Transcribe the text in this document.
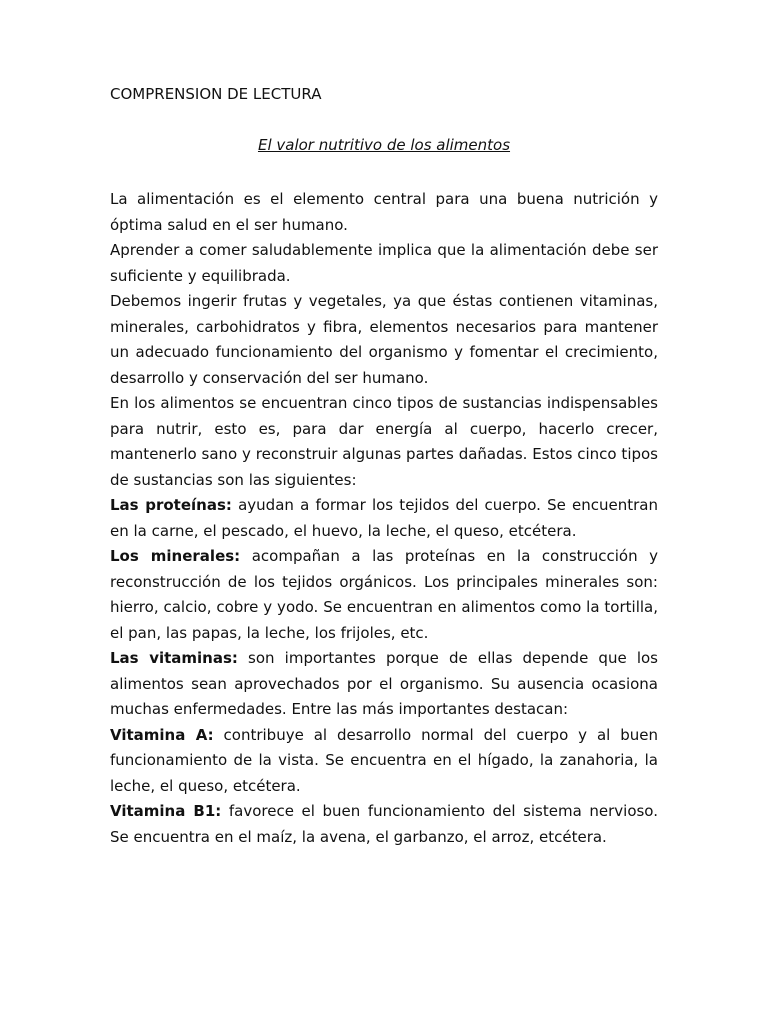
COMPRENSION DE LECTURA

El valor nutritivo de los alimentos

La alimentación es el elemento central para una buena nutrición y óptima salud en el ser humano.

Aprender a comer saludablemente implica que la alimentación debe ser suficiente y equilibrada.

Debemos ingerir frutas y vegetales, ya que éstas contienen vitaminas, minerales, carbohidratos y fibra, elementos necesarios para mantener un adecuado funcionamiento del organismo y fomentar el crecimiento, desarrollo y conservación del ser humano.

En los alimentos se encuentran cinco tipos de sustancias indispensables para nutrir, esto es, para dar energía al cuerpo, hacerlo crecer, mantenerlo sano y reconstruir algunas partes dañadas. Estos cinco tipos de sustancias son las siguientes:

Las proteínas: ayudan a formar los tejidos del cuerpo. Se encuentran en la carne, el pescado, el huevo, la leche, el queso, etcétera.

Los minerales: acompañan a las proteínas en la construcción y reconstrucción de los tejidos orgánicos. Los principales minerales son: hierro, calcio, cobre y yodo. Se encuentran en alimentos como la tortilla, el pan, las papas, la leche, los frijoles, etc.

Las vitaminas: son importantes porque de ellas depende que los alimentos sean aprovechados por el organismo. Su ausencia ocasiona muchas enfermedades. Entre las más importantes destacan:

Vitamina A: contribuye al desarrollo normal del cuerpo y al buen funcionamiento de la vista. Se encuentra en el hígado, la zanahoria, la leche, el queso, etcétera.

Vitamina B1: favorece el buen funcionamiento del sistema nervioso. Se encuentra en el maíz, la avena, el garbanzo, el arroz, etcétera.
